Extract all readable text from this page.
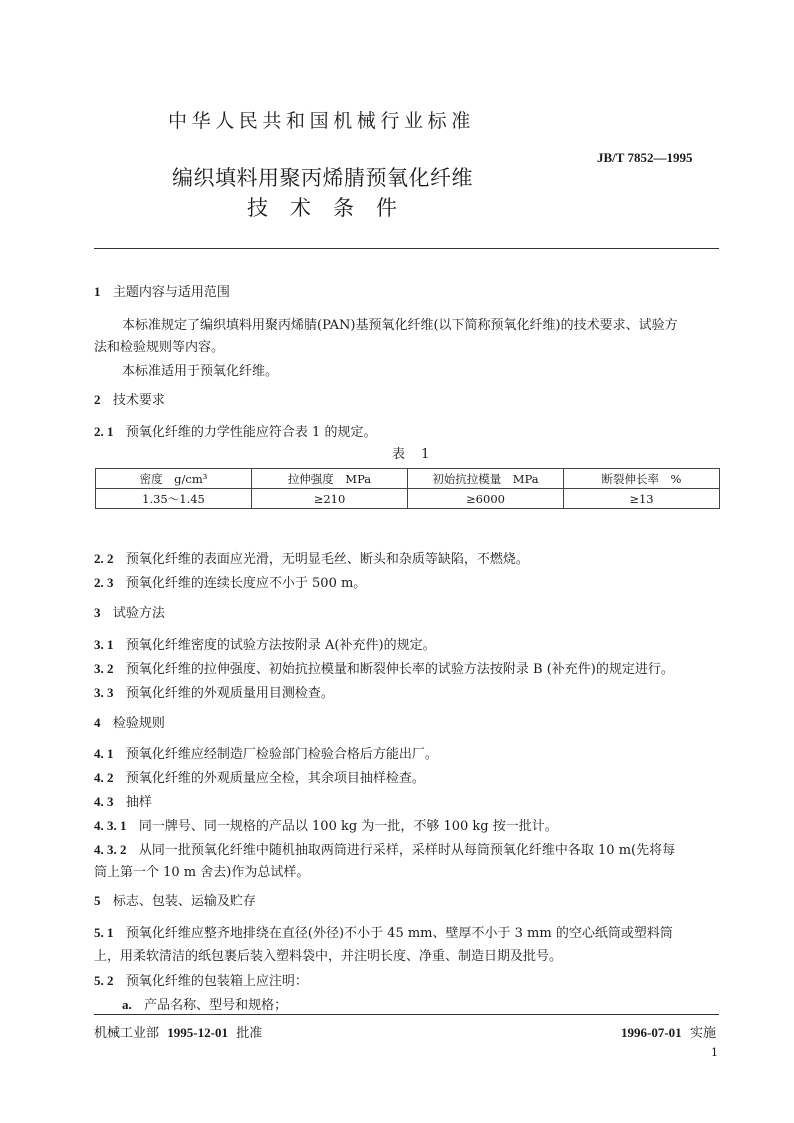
中华人民共和国机械行业标准
JB/T 7852—1995
编织填料用聚丙烯腈预氧化纤维
技术条件
1 主题内容与适用范围
本标准规定了编织填料用聚丙烯腈(PAN)基预氧化纤维(以下简称预氧化纤维)的技术要求、试验方
法和检验规则等内容。
本标准适用于预氧化纤维。
2 技术要求
2. 1 预氧化纤维的力学性能应符合表 1 的规定。
表 1
密度　g/cm³	拉伸强度　MPa	初始抗拉模量　MPa	断裂伸长率　%
1.35～1.45	≥210	≥6000	≥13
2. 2 预氧化纤维的表面应光滑，无明显毛丝、断头和杂质等缺陷，不燃烧。
2. 3 预氧化纤维的连续长度应不小于 500 m。
3 试验方法
3. 1 预氧化纤维密度的试验方法按附录 A(补充件)的规定。
3. 2 预氧化纤维的拉伸强度、初始抗拉模量和断裂伸长率的试验方法按附录 B (补充件)的规定进行。
3. 3 预氧化纤维的外观质量用目测检查。
4 检验规则
4. 1 预氧化纤维应经制造厂检验部门检验合格后方能出厂。
4. 2 预氧化纤维的外观质量应全检，其余项目抽样检查。
4. 3 抽样
4. 3. 1 同一牌号、同一规格的产品以 100 kg 为一批，不够 100 kg 按一批计。
4. 3. 2 从同一批预氧化纤维中随机抽取两筒进行采样，采样时从每筒预氧化纤维中各取 10 m(先将每
筒上第一个 10 m 舍去)作为总试样。
5 标志、包装、运输及贮存
5. 1 预氧化纤维应整齐地排绕在直径(外径)不小于 45 mm、壁厚不小于 3 mm 的空心纸筒或塑料筒
上，用柔软清洁的纸包裹后装入塑料袋中，并注明长度、净重、制造日期及批号。
5. 2 预氧化纤维的包装箱上应注明：
a. 产品名称、型号和规格；
机械工业部 1995-12-01 批准	1996-07-01 实施
1
